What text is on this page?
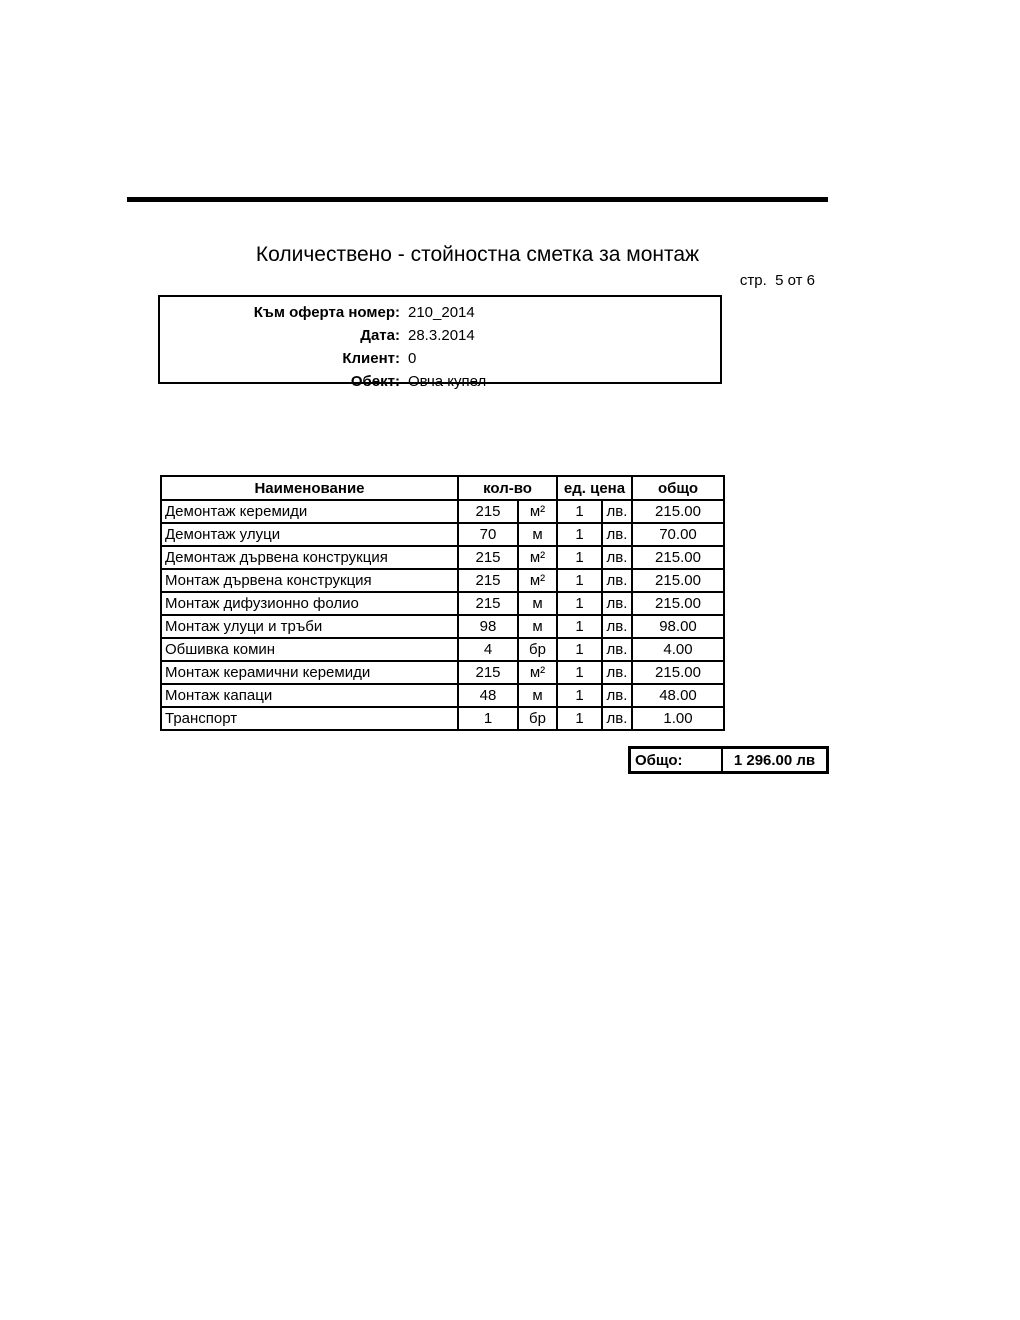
Количествено - стойностна сметка за монтаж
стр.  5 от 6
Към оферта номер: 210_2014
Дата: 28.3.2014
Клиент: 0
Обект: Овча купел
Наименование	кол-во		ед. цена		общо
Демонтаж керемиди	215	м²	1	лв.	215.00
Демонтаж улуци	70	м	1	лв.	70.00
Демонтаж дървена конструкция	215	м²	1	лв.	215.00
Монтаж дървена конструкция	215	м²	1	лв.	215.00
Монтаж дифузионно фолио	215	м	1	лв.	215.00
Монтаж улуци и тръби	98	м	1	лв.	98.00
Обшивка комин	4	бр	1	лв.	4.00
Монтаж керамични керемиди	215	м²	1	лв.	215.00
Монтаж капаци	48	м	1	лв.	48.00
Транспорт	1	бр	1	лв.	1.00
Общо:	1 296.00 лв
